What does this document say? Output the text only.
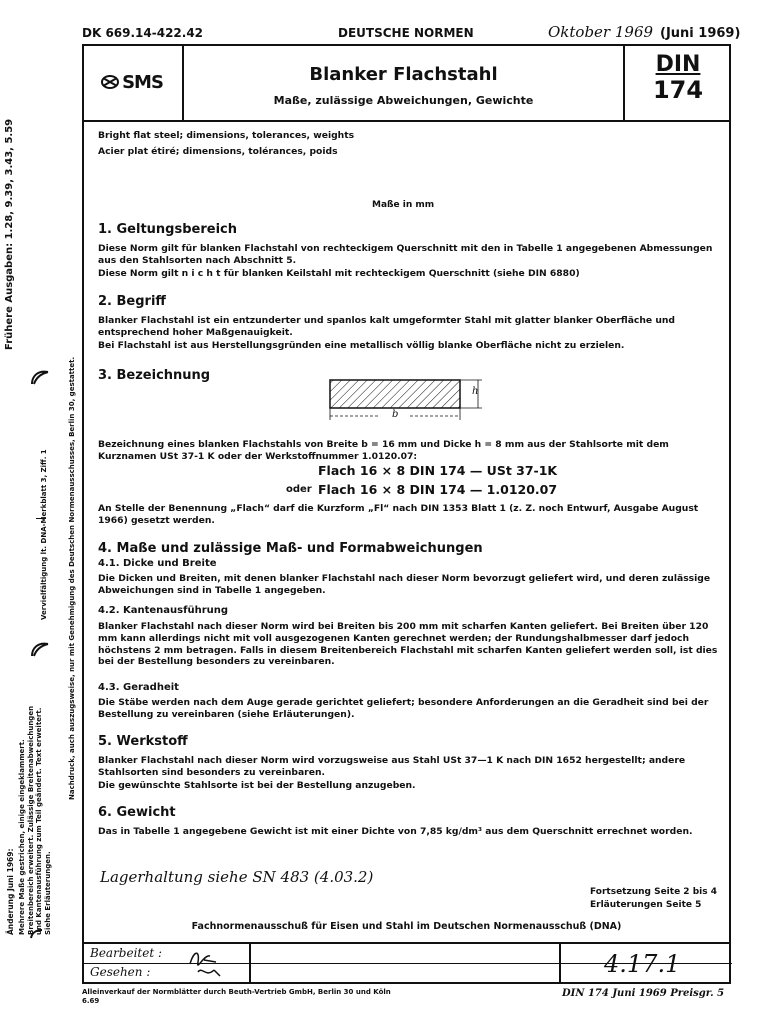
DK 669.14-422.42	DEUTSCHE NORMEN	Oktober 1969 (Juni 1969)
SMS	Blanker Flachstahl
Maße, zulässige Abweichungen, Gewichte
DIN
174
Bright flat steel; dimensions, tolerances, weights
Acier plat étiré; dimensions, tolérances, poids
Maße in mm
1. Geltungsbereich
Diese Norm gilt für blanken Flachstahl von rechteckigem Querschnitt mit den in Tabelle 1 angegebenen Abmessungen aus den Stahlsorten nach Abschnitt 5.
Diese Norm gilt n i c h t für blanken Keilstahl mit rechteckigem Querschnitt (siehe DIN 6880)
2. Begriff
Blanker Flachstahl ist ein entzunderter und spanlos kalt umgeformter Stahl mit glatter blanker Oberfläche und entsprechend hoher Maßgenauigkeit.
Bei Flachstahl ist aus Herstellungsgründen eine metallisch völlig blanke Oberfläche nicht zu erzielen.
3. Bezeichnung
b
h
Bezeichnung eines blanken Flachstahls von Breite b = 16 mm und Dicke h = 8 mm aus der Stahlsorte mit dem Kurznamen USt 37-1 K oder der Werkstoffnummer 1.0120.07:
Flach 16 × 8 DIN 174 — USt 37-1K
oder Flach 16 × 8 DIN 174 — 1.0120.07
An Stelle der Benennung „Flach“ darf die Kurzform „Fl“ nach DIN 1353 Blatt 1 (z. Z. noch Entwurf, Ausgabe August 1966) gesetzt werden.
4. Maße und zulässige Maß- und Formabweichungen
4.1. Dicke und Breite
Die Dicken und Breiten, mit denen blanker Flachstahl nach dieser Norm bevorzugt geliefert wird, und deren zulässige Abweichungen sind in Tabelle 1 angegeben.
4.2. Kantenausführung
Blanker Flachstahl nach dieser Norm wird bei Breiten bis 200 mm mit scharfen Kanten geliefert. Bei Breiten über 120 mm kann allerdings nicht mit voll ausgezogenen Kanten gerechnet werden; der Rundungshalbmesser darf jedoch höchstens 2 mm betragen. Falls in diesem Breitenbereich Flachstahl mit scharfen Kanten geliefert werden soll, ist dies bei der Bestellung besonders zu vereinbaren.
4.3. Geradheit
Die Stäbe werden nach dem Auge gerade gerichtet geliefert; besondere Anforderungen an die Geradheit sind bei der Bestellung zu vereinbaren (siehe Erläuterungen).
5. Werkstoff
Blanker Flachstahl nach dieser Norm wird vorzugsweise aus Stahl USt 37—1 K nach DIN 1652 hergestellt; andere Stahlsorten sind besonders zu vereinbaren.
Die gewünschte Stahlsorte ist bei der Bestellung anzugeben.
6. Gewicht
Das in Tabelle 1 angegebene Gewicht ist mit einer Dichte von 7,85 kg/dm³ aus dem Querschnitt errechnet worden.
Lagerhaltung siehe SN 483 (4.03.2)
Fortsetzung Seite 2 bis 4
Erläuterungen Seite 5
Fachnormenausschuß für Eisen und Stahl im Deutschen Normenausschuß (DNA)
Bearbeitet :
Gesehen :	4.17.1
Alleinverkauf der Normblätter durch Beuth-Vertrieb GmbH, Berlin 30 und Köln
6.69
DIN 174 Juni 1969 Preisgr. 5
Frühere Ausgaben: 1.28, 9.39, 3.43, 5.59
Vervielfältigung lt. DNA-Merkblatt 3, Ziff. 1	Nachdruck, auch auszugsweise, nur mit Genehmigung des Deutschen Normenausschusses, Berlin 30, gestattet.
Änderung Juni 1969: Mehrere Maße gestrichen, einige eingeklammert. Breitenbereich erweitert. Zulässige Breitenabweichungen und Kantenausführung zum Teil geändert. Text erweitert. Siehe Erläuterungen.
